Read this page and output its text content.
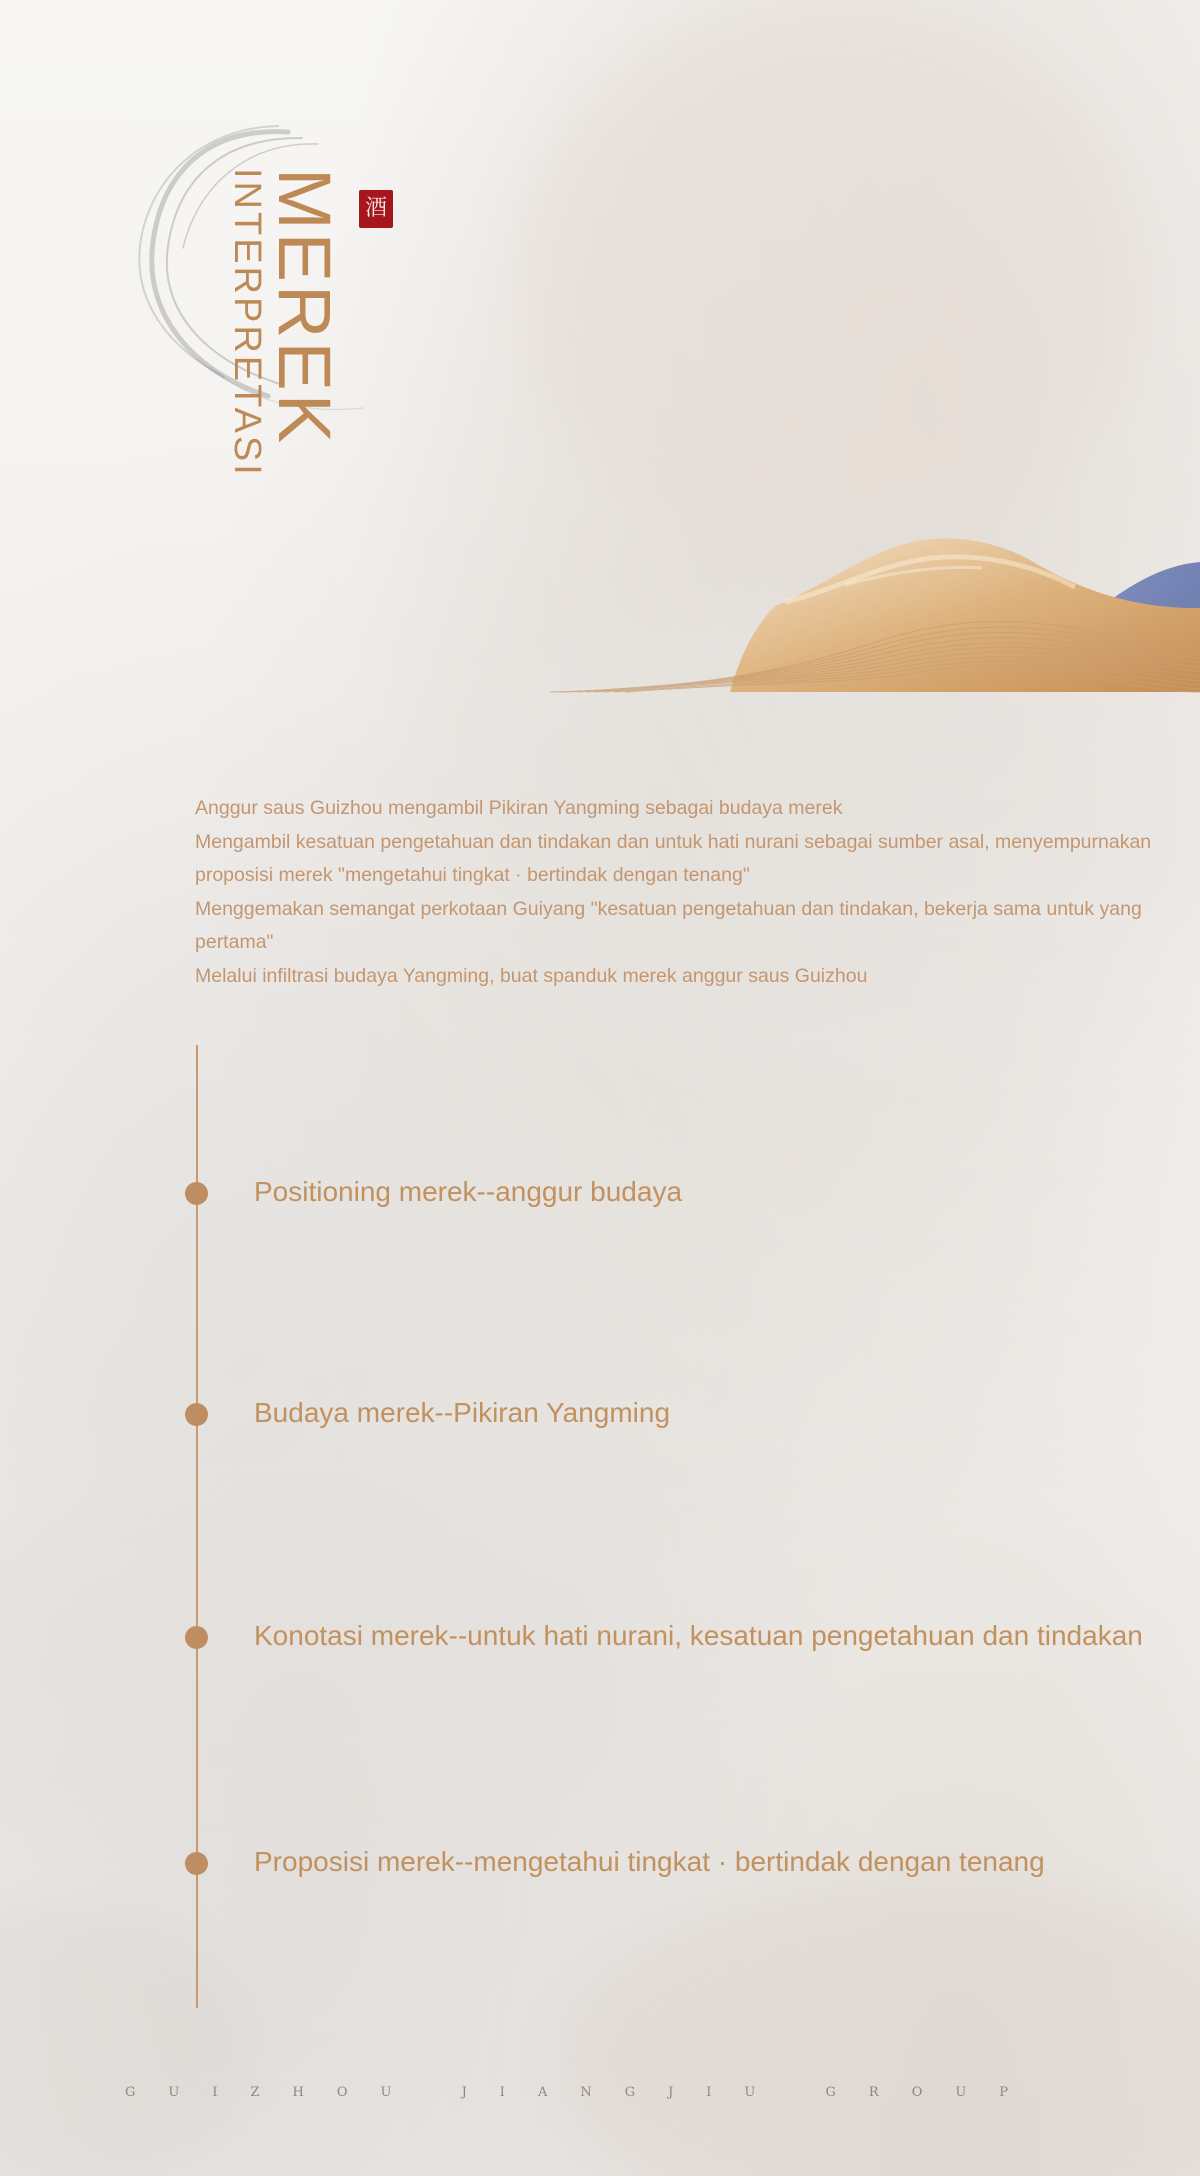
酒
MEREK
INTERPRETASI

Anggur saus Guizhou mengambil Pikiran Yangming sebagai budaya merek

Mengambil kesatuan pengetahuan dan tindakan dan untuk hati nurani sebagai sumber asal, menyempurnakan proposisi merek "mengetahui tingkat · bertindak dengan tenang"

Menggemakan semangat perkotaan Guiyang "kesatuan pengetahuan dan tindakan, bekerja sama untuk yang pertama"

Melalui infiltrasi budaya Yangming, buat spanduk merek anggur saus Guizhou

Positioning merek--anggur budaya
Budaya merek--Pikiran Yangming
Konotasi merek--untuk hati nurani, kesatuan pengetahuan dan tindakan
Proposisi merek--mengetahui tingkat · bertindak dengan tenang
GUIZHOU JIANGJIU GROUP
